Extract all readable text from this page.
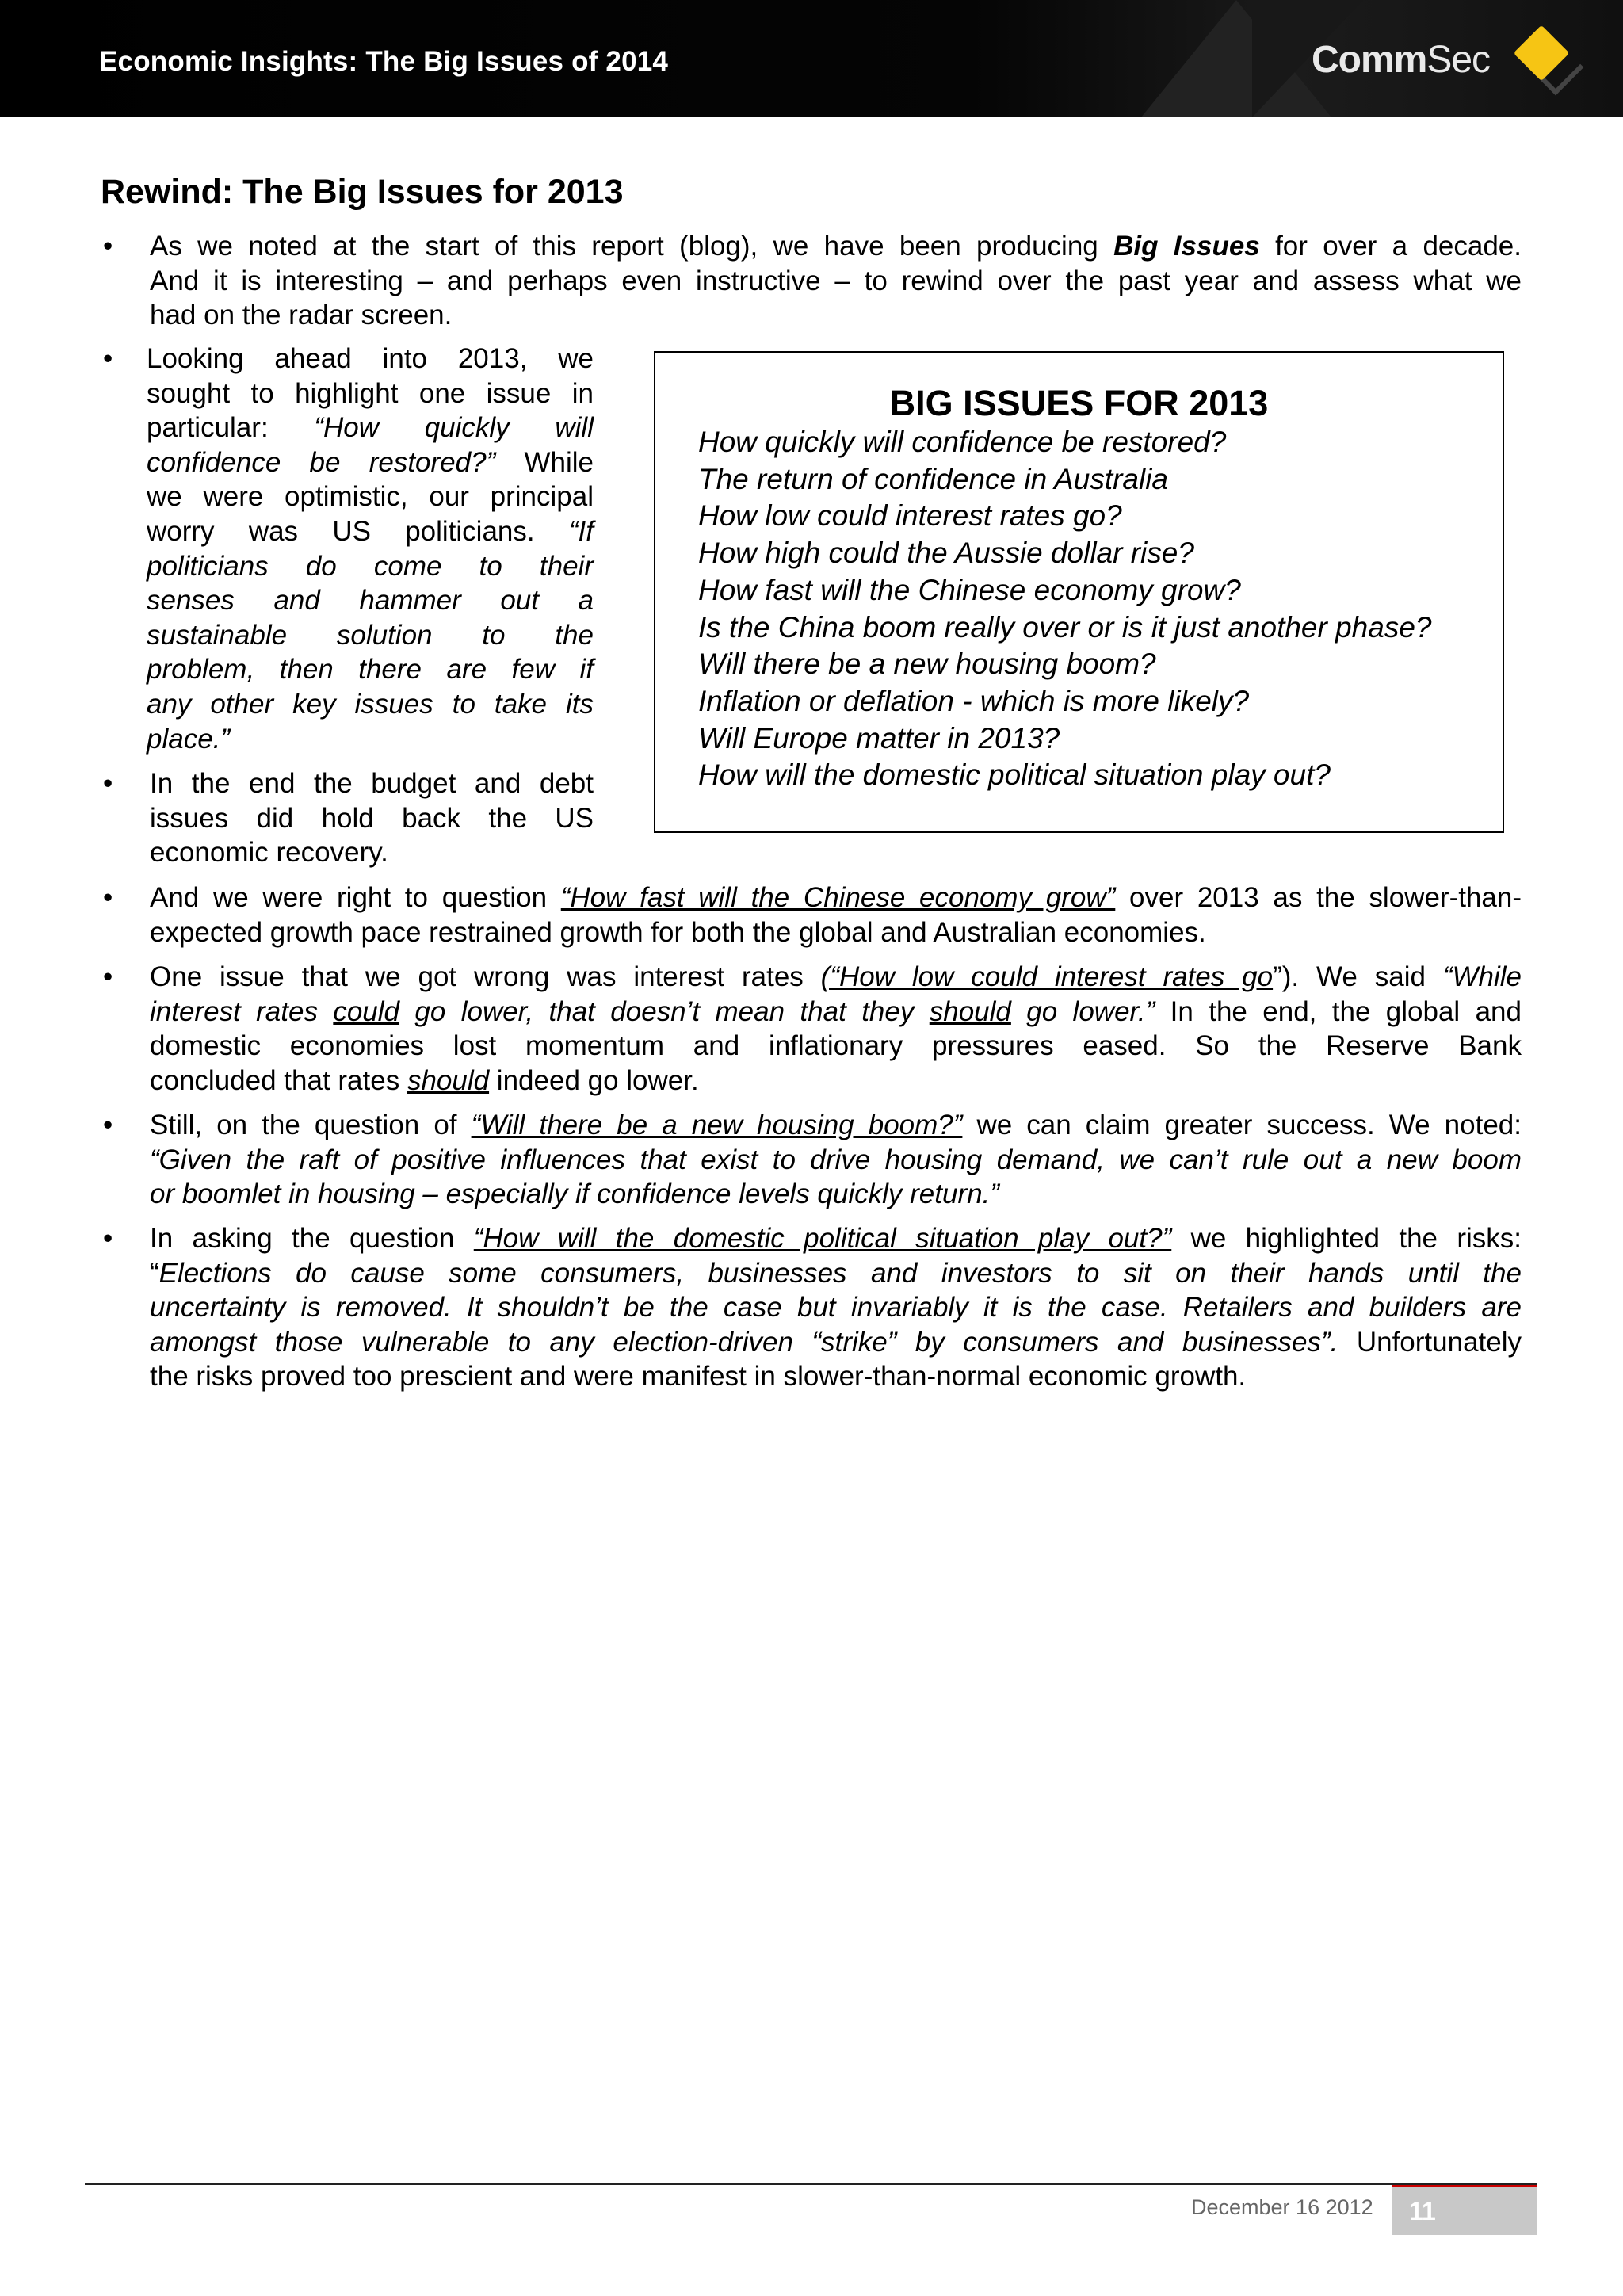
Economic Insights: The Big Issues of 2014	CommSec
Rewind: The Big Issues for 2013
• As we noted at the start of this report (blog), we have been producing Big Issues for over a decade.
And it is interesting – and perhaps even instructive – to rewind over the past year and assess what we
had on the radar screen.
• Looking ahead into 2013, we
sought to highlight one issue in
particular: “How quickly will
confidence be restored?” While
we were optimistic, our principal
worry was US politicians. “If
politicians do come to their
senses and hammer out a
sustainable solution to the
problem, then there are few if
any other key issues to take its
place.”
• In the end the budget and debt
issues did hold back the US
economic recovery.
BIG ISSUES FOR 2013
How quickly will confidence be restored?
The return of confidence in Australia
How low could interest rates go?
How high could the Aussie dollar rise?
How fast will the Chinese economy grow?
Is the China boom really over or is it just another phase?
Will there be a new housing boom?
Inflation or deflation - which is more likely?
Will Europe matter in 2013?
How will the domestic political situation play out?
• And we were right to question “How fast will the Chinese economy grow” over 2013 as the slower-than-
expected growth pace restrained growth for both the global and Australian economies.
• One issue that we got wrong was interest rates (“How low could interest rates go”). We said “While
interest rates could go lower, that doesn’t mean that they should go lower.” In the end, the global and
domestic economies lost momentum and inflationary pressures eased. So the Reserve Bank
concluded that rates should indeed go lower.
• Still, on the question of “Will there be a new housing boom?” we can claim greater success. We noted:
“Given the raft of positive influences that exist to drive housing demand, we can’t rule out a new boom
or boomlet in housing – especially if confidence levels quickly return.”
• In asking the question “How will the domestic political situation play out?” we highlighted the risks:
“Elections do cause some consumers, businesses and investors to sit on their hands until the
uncertainty is removed. It shouldn’t be the case but invariably it is the case. Retailers and builders are
amongst those vulnerable to any election-driven “strike” by consumers and businesses”. Unfortunately
the risks proved too prescient and were manifest in slower-than-normal economic growth.
December 16 2012 11
